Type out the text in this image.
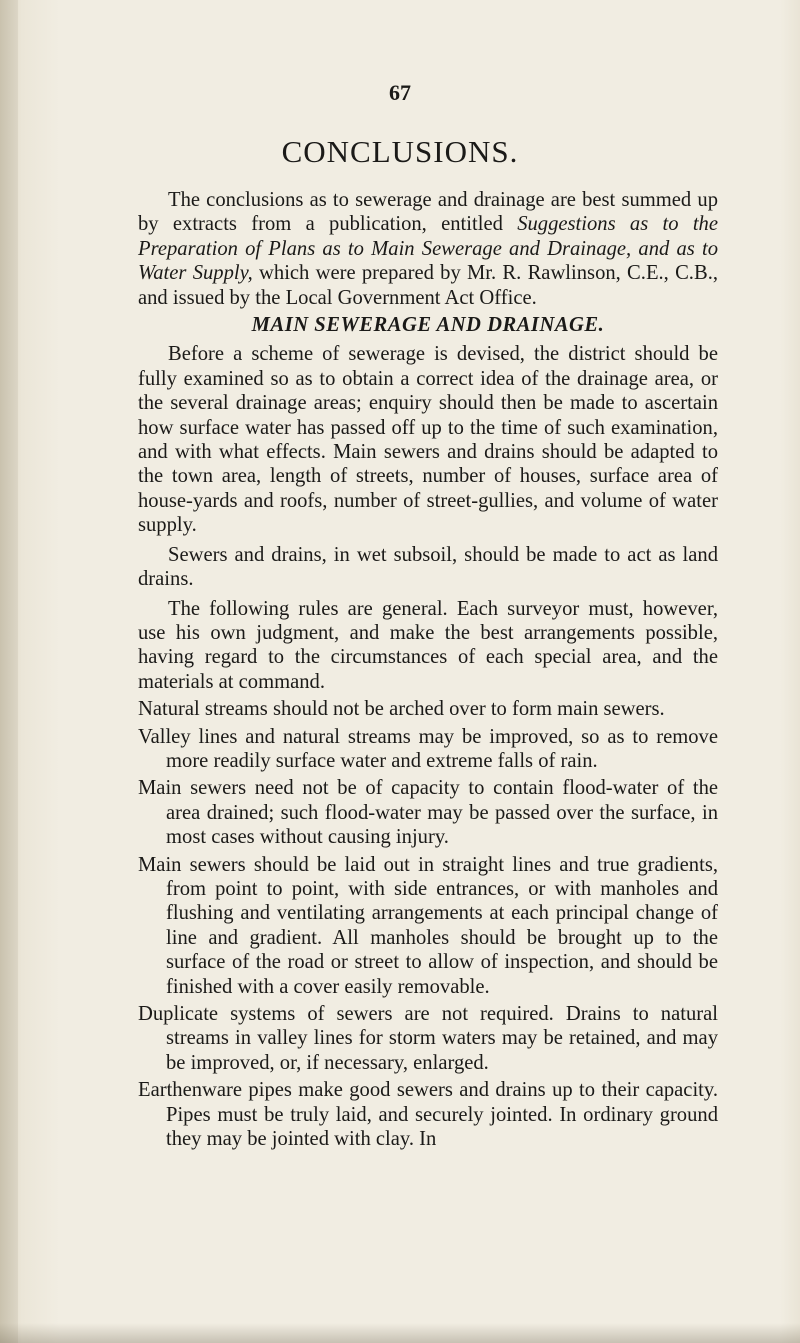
67
CONCLUSIONS.

The conclusions as to sewerage and drainage are best summed up by extracts from a publication, entitled Suggestions as to the Preparation of Plans as to Main Sewerage and Drainage, and as to Water Supply, which were prepared by Mr. R. Rawlinson, C.E., C.B., and issued by the Local Government Act Office.

MAIN SEWERAGE AND DRAINAGE.

Before a scheme of sewerage is devised, the district should be fully examined so as to obtain a correct idea of the drainage area, or the several drainage areas; enquiry should then be made to ascertain how surface water has passed off up to the time of such examination, and with what effects. Main sewers and drains should be adapted to the town area, length of streets, number of houses, surface area of house-yards and roofs, number of street-gullies, and volume of water supply.

Sewers and drains, in wet subsoil, should be made to act as land drains.

The following rules are general. Each surveyor must, however, use his own judgment, and make the best arrangements possible, having regard to the circumstances of each special area, and the materials at command.

Natural streams should not be arched over to form main sewers.

Valley lines and natural streams may be improved, so as to remove more readily surface water and extreme falls of rain.

Main sewers need not be of capacity to contain flood-water of the area drained; such flood-water may be passed over the surface, in most cases without causing injury.

Main sewers should be laid out in straight lines and true gradients, from point to point, with side entrances, or with manholes and flushing and ventilating arrangements at each principal change of line and gradient. All manholes should be brought up to the surface of the road or street to allow of inspection, and should be finished with a cover easily removable.

Duplicate systems of sewers are not required. Drains to natural streams in valley lines for storm waters may be retained, and may be improved, or, if necessary, enlarged.

Earthenware pipes make good sewers and drains up to their capacity. Pipes must be truly laid, and securely jointed. In ordinary ground they may be jointed with clay. In
